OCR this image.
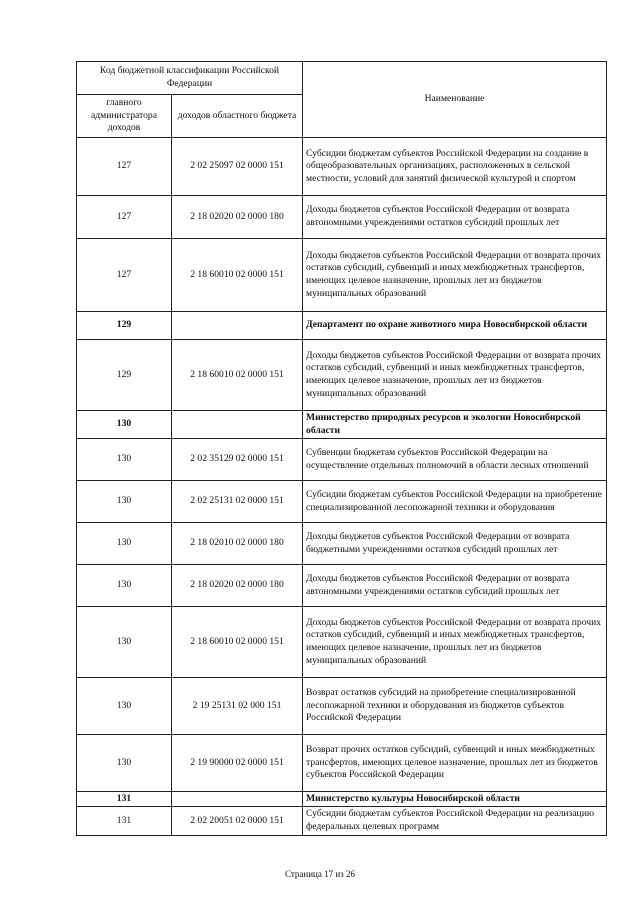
Код бюджетной классификации Российской Федерации		Наименование
главного администратора доходов	доходов областного бюджета	
127	2 02 25097 02 0000 151	Субсидии бюджетам субъектов Российской Федерации на создание в общеобразовательных организациях, расположенных в сельской местности, условий для занятий физической культурой и спортом
127	2 18 02020 02 0000 180	Доходы бюджетов субъектов Российской Федерации от возврата автономными учреждениями остатков субсидий прошлых лет
127	2 18 60010 02 0000 151	Доходы бюджетов субъектов Российской Федерации от возврата прочих остатков субсидий, субвенций и иных межбюджетных трансфертов, имеющих целевое назначение, прошлых лет из бюджетов муниципальных образований
129		Департамент по охране животного мира Новосибирской области
129	2 18 60010 02 0000 151	Доходы бюджетов субъектов Российской Федерации от возврата прочих остатков субсидий, субвенций и иных межбюджетных трансфертов, имеющих целевое назначение, прошлых лет из бюджетов муниципальных образований
130		Министерство природных ресурсов и экологии Новосибирской области
130	2 02 35129 02 0000 151	Субвенции бюджетам субъектов Российской Федерации на осуществление отдельных полномочий в области лесных отношений
130	2 02 25131 02 0000 151	Субсидии бюджетам субъектов Российской Федерации на приобретение специализированной лесопожарной техники и оборудования
130	2 18 02010 02 0000 180	Доходы бюджетов субъектов Российской Федерации от возврата бюджетными учреждениями остатков субсидий прошлых лет
130	2 18 02020 02 0000 180	Доходы бюджетов субъектов Российской Федерации от возврата автономными учреждениями остатков субсидий прошлых лет
130	2 18 60010 02 0000 151	Доходы бюджетов субъектов Российской Федерации от возврата прочих остатков субсидий, субвенций и иных межбюджетных трансфертов, имеющих целевое назначение, прошлых лет из бюджетов муниципальных образований
130	2 19 25131 02 000 151	Возврат остатков субсидий на приобретение специализированной лесопожарной техники и оборудования из бюджетов субъектов Российской Федерации
130	2 19 90000 02 0000 151	Возврат прочих остатков субсидий, субвенций и иных межбюджетных трансфертов, имеющих целевое назначение, прошлых лет из бюджетов субъектов Российской Федерации
131		Министерство культуры Новосибирской области
131	2 02 20051 02 0000 151	Субсидии бюджетам субъектов Российской Федерации на реализацию федеральных целевых программ
Страница 17 из 26
